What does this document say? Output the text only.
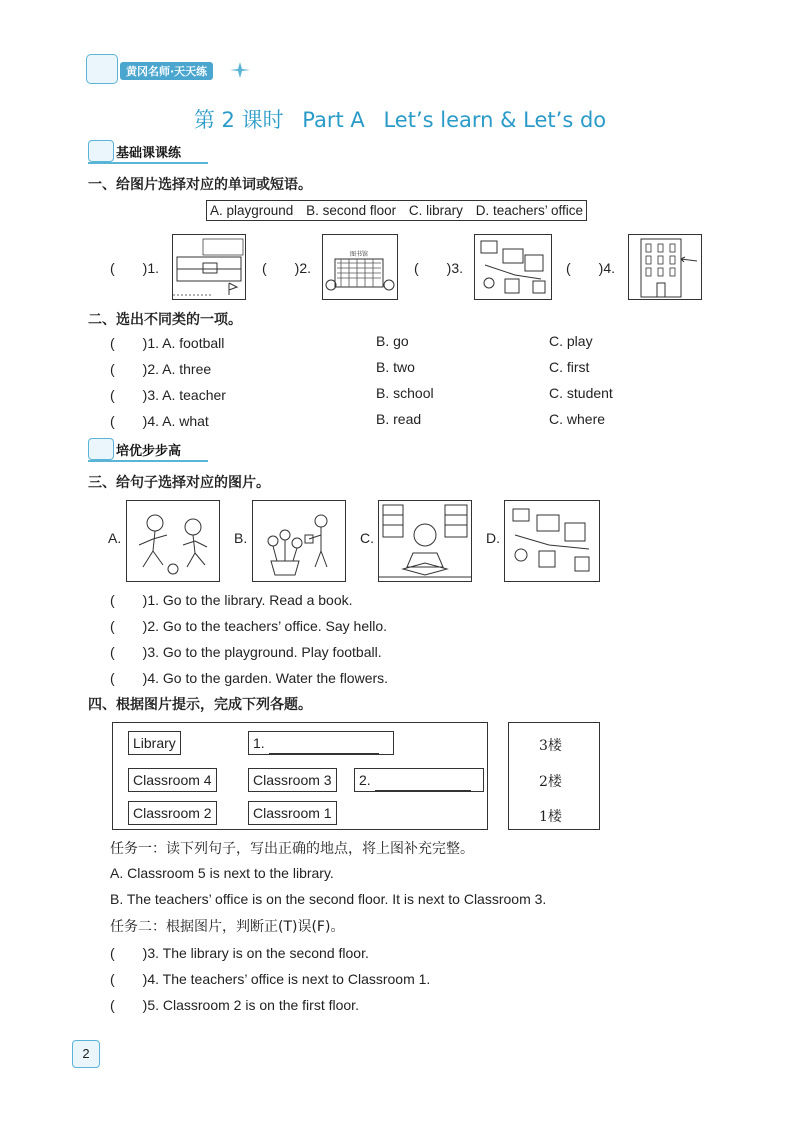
黄冈名师·天天练
第 2 课时 Part A Let’s learn & Let’s do
基础课课练
一、给图片选择对应的单词或短语。
A. playground B. second floor C. library D. teachers’ office
(　　)1.	(　　)2.
图书馆
(　　)3.	(　　)4.
二、选出不同类的一项。
(　　)1. A. football	B. go	C. play
(　　)2. A. three	B. two	C. first
(　　)3. A. teacher	B. school	C. student
(　　)4. A. what	B. read	C. where
培优步步高
三、给句子选择对应的图片。
A.	B.	C.	D.
(　　)1. Go to the library. Read a book.
(　　)2. Go to the teachers’ office. Say hello.
(　　)3. Go to the playground. Play football.
(　　)4. Go to the garden. Water the flowers.
四、根据图片提示，完成下列各题。
Library	1.
Classroom 4	Classroom 3	2.
Classroom 2	Classroom 1
3楼
2楼
1楼
任务一：读下列句子，写出正确的地点，将上图补充完整。
A. Classroom 5 is next to the library.
B. The teachers’ office is on the second floor. It is next to Classroom 3.
任务二：根据图片，判断正(T)误(F)。
(　　)3. The library is on the second floor.
(　　)4. The teachers’ office is next to Classroom 1.
(　　)5. Classroom 2 is on the first floor.
2
